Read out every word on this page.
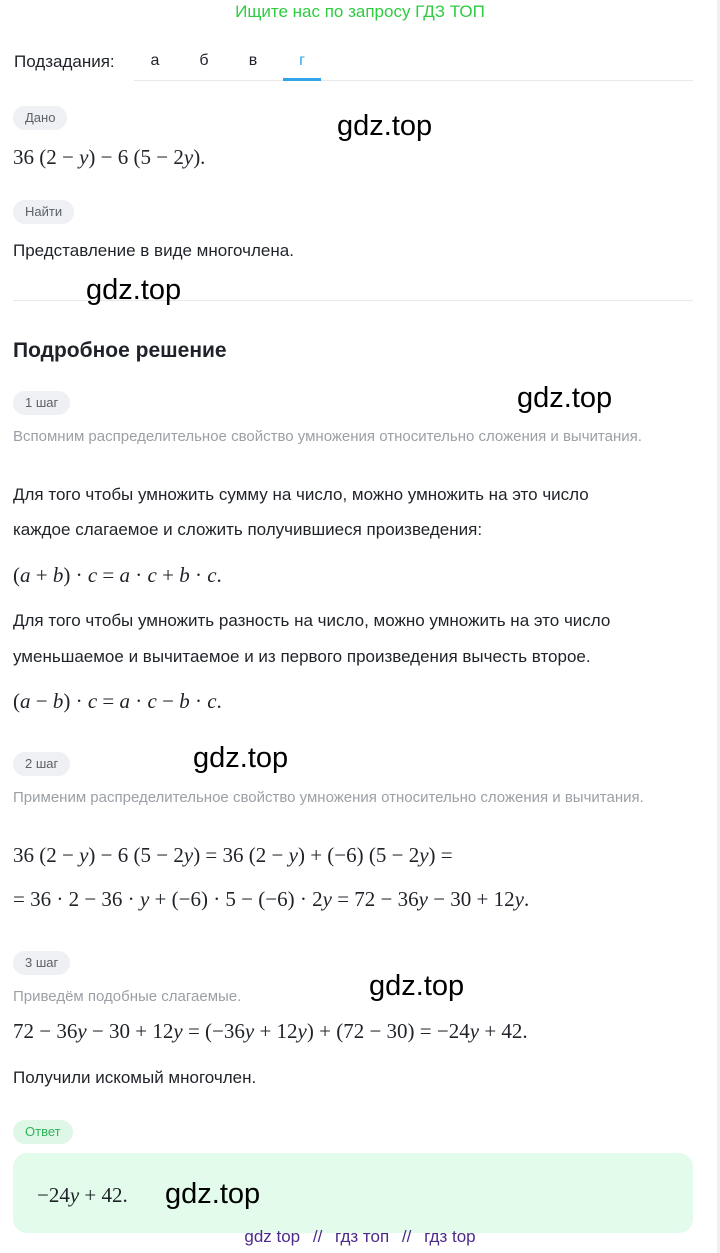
Ищите нас по запросу ГДЗ ТОП
Подзадания:	а	б	в	г
Дано
36 (2 − y) − 6 (5 − 2y).
Найти
Представление в виде многочлена.
Подробное решение
1 шаг
Вспомним распределительное свойство умножения относительно сложения и вычитания.
Для того чтобы умножить сумму на число, можно умножить на это число
каждое слагаемое и сложить получившиеся произведения:
(a + b) · c = a · c + b · c.
Для того чтобы умножить разность на число, можно умножить на это число
уменьшаемое и вычитаемое и из первого произведения вычесть второе.
(a − b) · c = a · c − b · c.
2 шаг
Применим распределительное свойство умножения относительно сложения и вычитания.
36 (2 − y) − 6 (5 − 2y) = 36 (2 − y) + (−6) (5 − 2y) =
= 36 · 2 − 36 · y + (−6) · 5 − (−6) · 2y = 72 − 36y − 30 + 12y.
3 шаг
Приведём подобные слагаемые.
72 − 36y − 30 + 12y = (−36y + 12y) + (72 − 30) = −24y + 42.
Получили искомый многочлен.
Ответ
−24y + 42.
gdz.top
gdz.top
gdz.top
gdz.top
gdz.top
gdz.top
gdz top // гдз топ // гдз top
